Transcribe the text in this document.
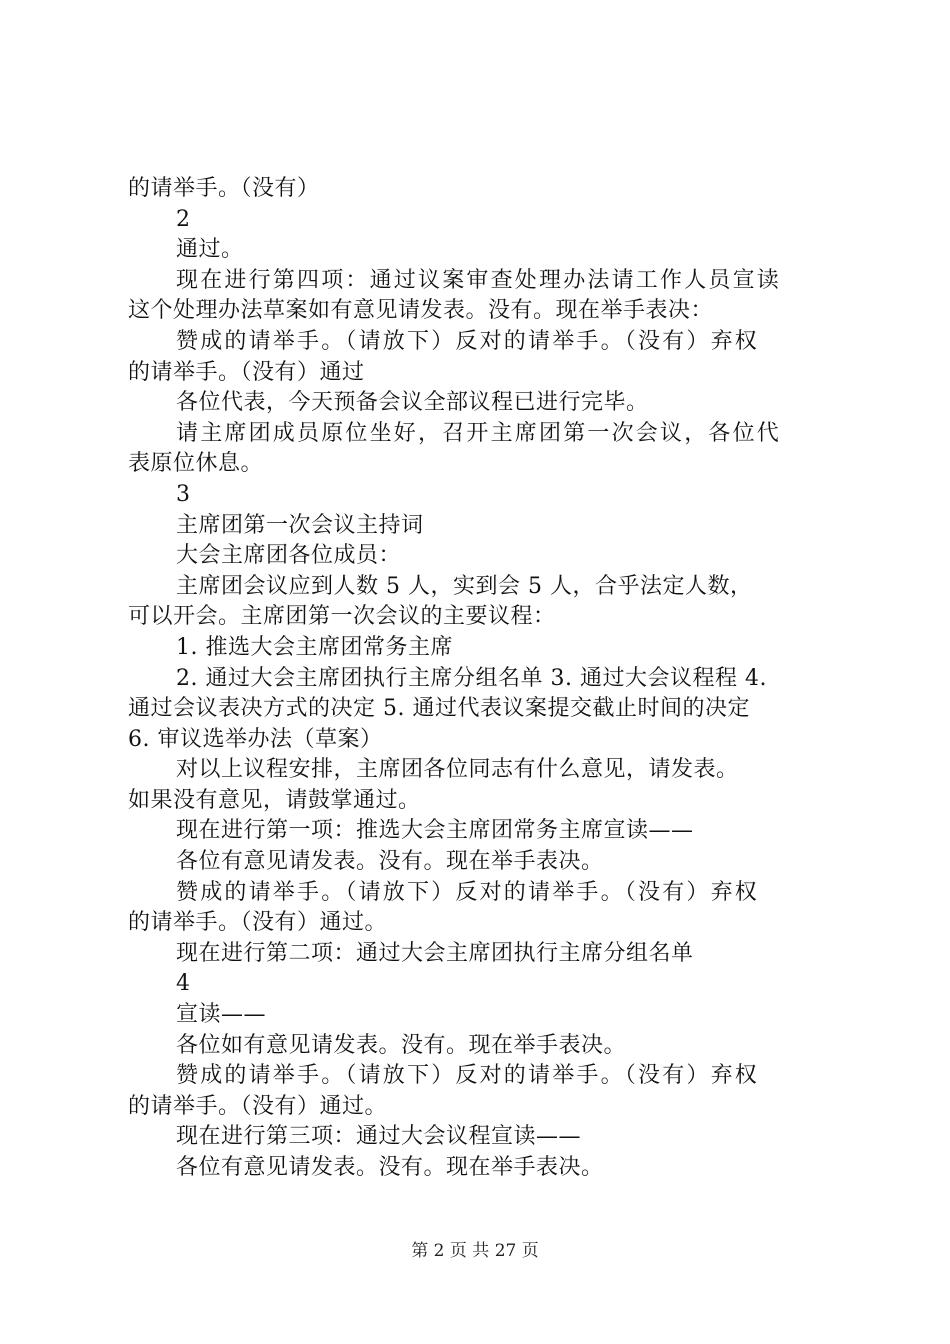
的请举手。（没有）
2
通过。
现在进行第四项：通过议案审查处理办法请工作人员宣读
这个处理办法草案如有意见请发表。没有。现在举手表决：
赞成的请举手。（请放下）反对的请举手。（没有）弃权
的请举手。（没有）通过
各位代表，今天预备会议全部议程已进行完毕。
请主席团成员原位坐好，召开主席团第一次会议，各位代
表原位休息。
3
主席团第一次会议主持词
大会主席团各位成员：
主席团会议应到人数 5 人，实到会 5 人，合乎法定人数，
可以开会。主席团第一次会议的主要议程：
1. 推选大会主席团常务主席
2. 通过大会主席团执行主席分组名单 3. 通过大会议程程 4.
通过会议表决方式的决定 5. 通过代表议案提交截止时间的决定
6. 审议选举办法（草案）
对以上议程安排，主席团各位同志有什么意见，请发表。
如果没有意见，请鼓掌通过。
现在进行第一项：推选大会主席团常务主席宣读——
各位有意见请发表。没有。现在举手表决。
赞成的请举手。（请放下）反对的请举手。（没有）弃权
的请举手。（没有）通过。
现在进行第二项：通过大会主席团执行主席分组名单
4
宣读——
各位如有意见请发表。没有。现在举手表决。
赞成的请举手。（请放下）反对的请举手。（没有）弃权
的请举手。（没有）通过。
现在进行第三项：通过大会议程宣读——
各位有意见请发表。没有。现在举手表决。
第 2 页 共 27 页
